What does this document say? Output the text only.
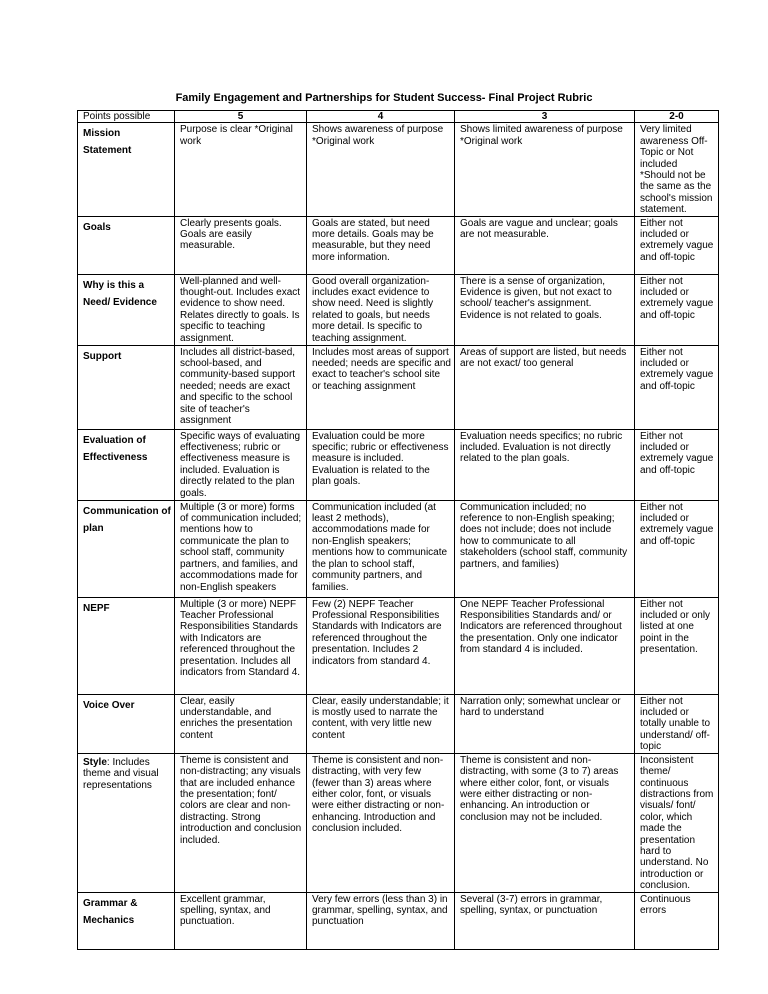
Family Engagement and Partnerships for Student Success- Final Project Rubric
Points possible	5	4	3	2-0
Mission Statement	Purpose is clear *Original work	Shows awareness of purpose *Original work	Shows limited awareness of purpose *Original work	Very limited awareness Off-Topic or Not included *Should not be the same as the school's mission statement.
Goals	Clearly presents goals. Goals are easily measurable.	Goals are stated, but need more details. Goals may be measurable, but they need more information.	Goals are vague and unclear; goals are not measurable.	Either not included or extremely vague and off-topic
Why is this a Need/ Evidence	Well-planned and well-thought-out. Includes exact evidence to show need. Relates directly to goals. Is specific to teaching assignment.	Good overall organization- includes exact evidence to show need. Need is slightly related to goals, but needs more detail. Is specific to teaching assignment.	There is a sense of organization, Evidence is given, but not exact to school/ teacher's assignment. Evidence is not related to goals.	Either not included or extremely vague and off-topic
Support	Includes all district-based, school-based, and community-based support needed; needs are exact and specific to the school site of teacher's assignment	Includes most areas of support needed; needs are specific and exact to teacher's school site or teaching assignment	Areas of support are listed, but needs are not exact/ too general	Either not included or extremely vague and off-topic
Evaluation of Effectiveness	Specific ways of evaluating effectiveness; rubric or effectiveness measure is included. Evaluation is directly related to the plan goals.	Evaluation could be more specific; rubric or effectiveness measure is included. Evaluation is related to the plan goals.	Evaluation needs specifics; no rubric included. Evaluation is not directly related to the plan goals.	Either not included or extremely vague and off-topic
Communication of plan	Multiple (3 or more) forms of communication included; mentions how to communicate the plan to school staff, community partners, and families, and accommodations made for non-English speakers	Communication included (at least 2 methods), accommodations made for non-English speakers; mentions how to communicate the plan to school staff, community partners, and families.	Communication included; no reference to non-English speaking; does not include; does not include how to communicate to all stakeholders (school staff, community partners, and families)	Either not included or extremely vague and off-topic
NEPF	Multiple (3 or more) NEPF Teacher Professional Responsibilities Standards with Indicators are referenced throughout the presentation. Includes all indicators from Standard 4.	Few (2) NEPF Teacher Professional Responsibilities Standards with Indicators are referenced throughout the presentation. Includes 2 indicators from standard 4.	One NEPF Teacher Professional Responsibilities Standards and/ or Indicators are referenced throughout the presentation. Only one indicator from standard 4 is included.	Either not included or only listed at one point in the presentation.
Voice Over	Clear, easily understandable, and enriches the presentation content	Clear, easily understandable; it is mostly used to narrate the content, with very little new content	Narration only; somewhat unclear or hard to understand	Either not included or totally unable to understand/ off-topic
Style: Includes theme and visual representations	Theme is consistent and non-distracting; any visuals that are included enhance the presentation; font/ colors are clear and non-distracting. Strong introduction and conclusion included.	Theme is consistent and non-distracting, with very few (fewer than 3) areas where either color, font, or visuals were either distracting or non-enhancing. Introduction and conclusion included.	Theme is consistent and non-distracting, with some (3 to 7) areas where either color, font, or visuals were either distracting or non-enhancing. An introduction or conclusion may not be included.	Inconsistent theme/ continuous distractions from visuals/ font/ color, which made the presentation hard to understand. No introduction or conclusion.
Grammar & Mechanics	Excellent grammar, spelling, syntax, and punctuation.	Very few errors (less than 3) in grammar, spelling, syntax, and punctuation	Several (3-7) errors in grammar, spelling, syntax, or punctuation	Continuous errors
